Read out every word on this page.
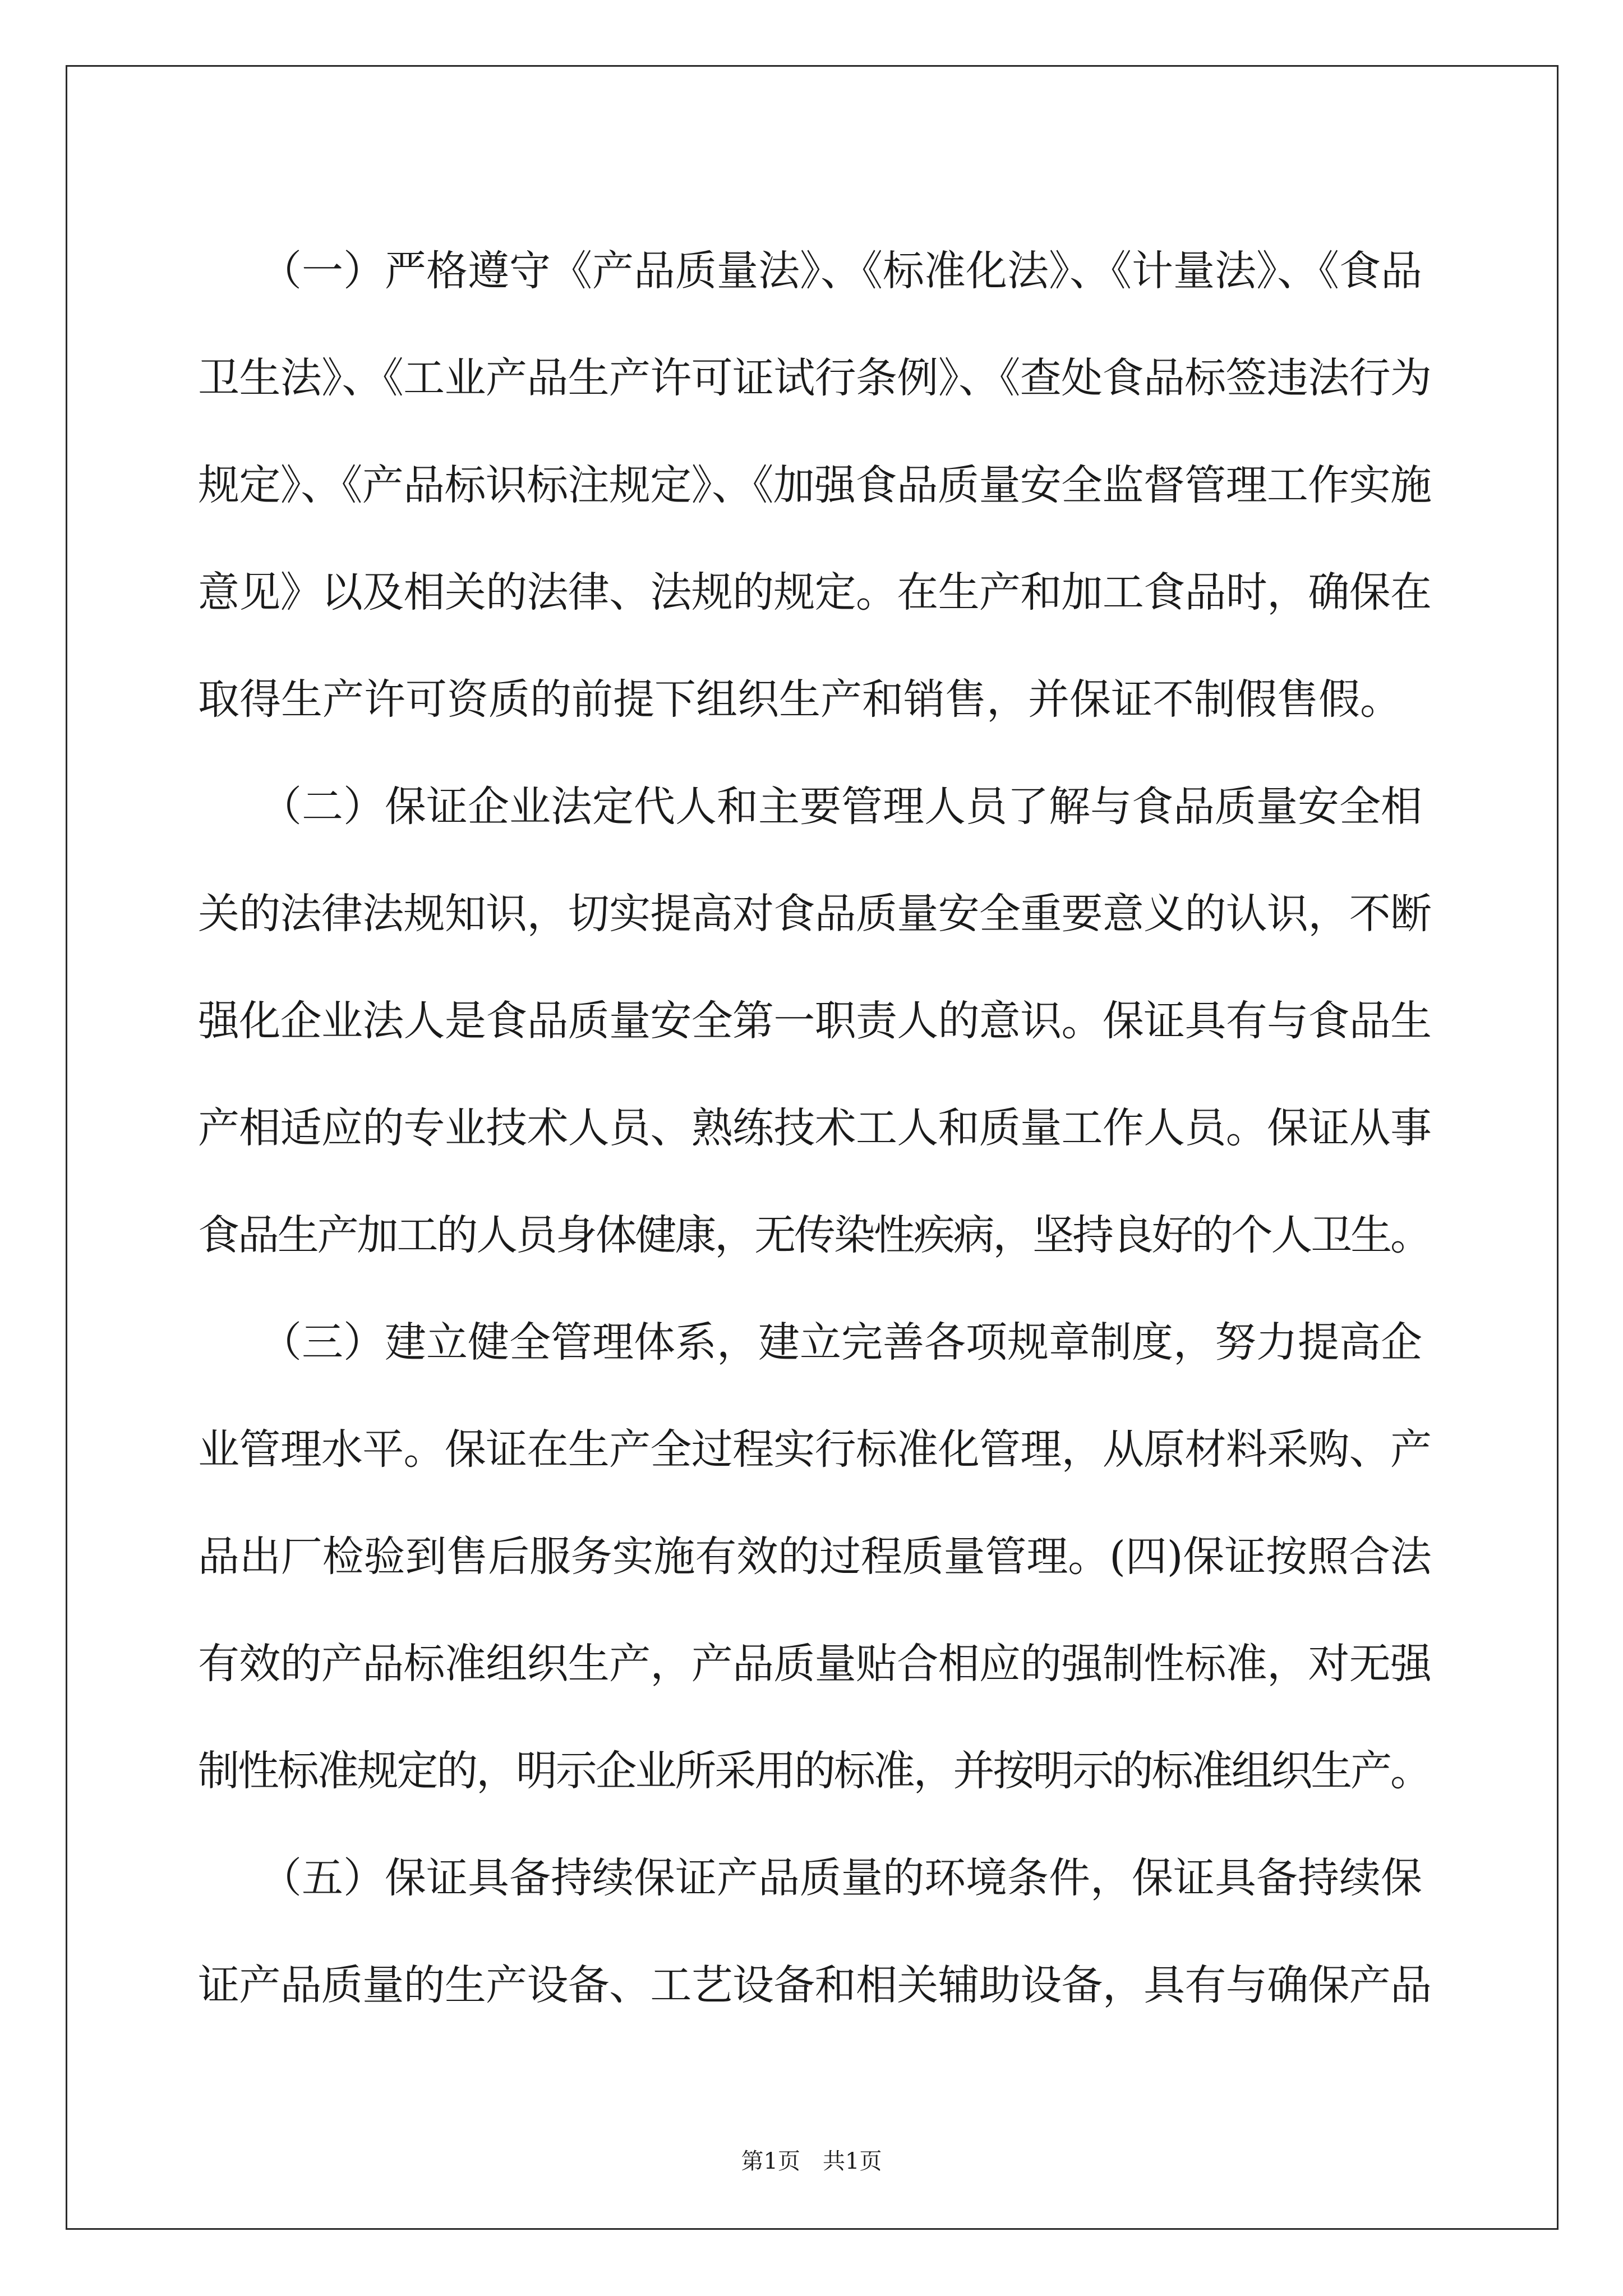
　　（一）严格遵守《产品质量法》、《标准化法》、《计量法》、《食品
卫生法》、《工业产品生产许可证试行条例》、《查处食品标签违法行为
规定》、《产品标识标注规定》、《加强食品质量安全监督管理工作实施
意见》以及相关的法律、法规的规定。在生产和加工食品时，确保在
取得生产许可资质的前提下组织生产和销售，并保证不制假售假。
　　（二）保证企业法定代人和主要管理人员了解与食品质量安全相
关的法律法规知识，切实提高对食品质量安全重要意义的认识，不断
强化企业法人是食品质量安全第一职责人的意识。保证具有与食品生
产相适应的专业技术人员、熟练技术工人和质量工作人员。保证从事
食品生产加工的人员身体健康，无传染性疾病，坚持良好的个人卫生。
　　（三）建立健全管理体系，建立完善各项规章制度，努力提高企
业管理水平。保证在生产全过程实行标准化管理，从原材料采购、产
品出厂检验到售后服务实施有效的过程质量管理。(四)保证按照合法
有效的产品标准组织生产，产品质量贴合相应的强制性标准，对无强
制性标准规定的，明示企业所采用的标准，并按明示的标准组织生产。
　　（五）保证具备持续保证产品质量的环境条件，保证具备持续保
证产品质量的生产设备、工艺设备和相关辅助设备，具有与确保产品
第1页　共1页
